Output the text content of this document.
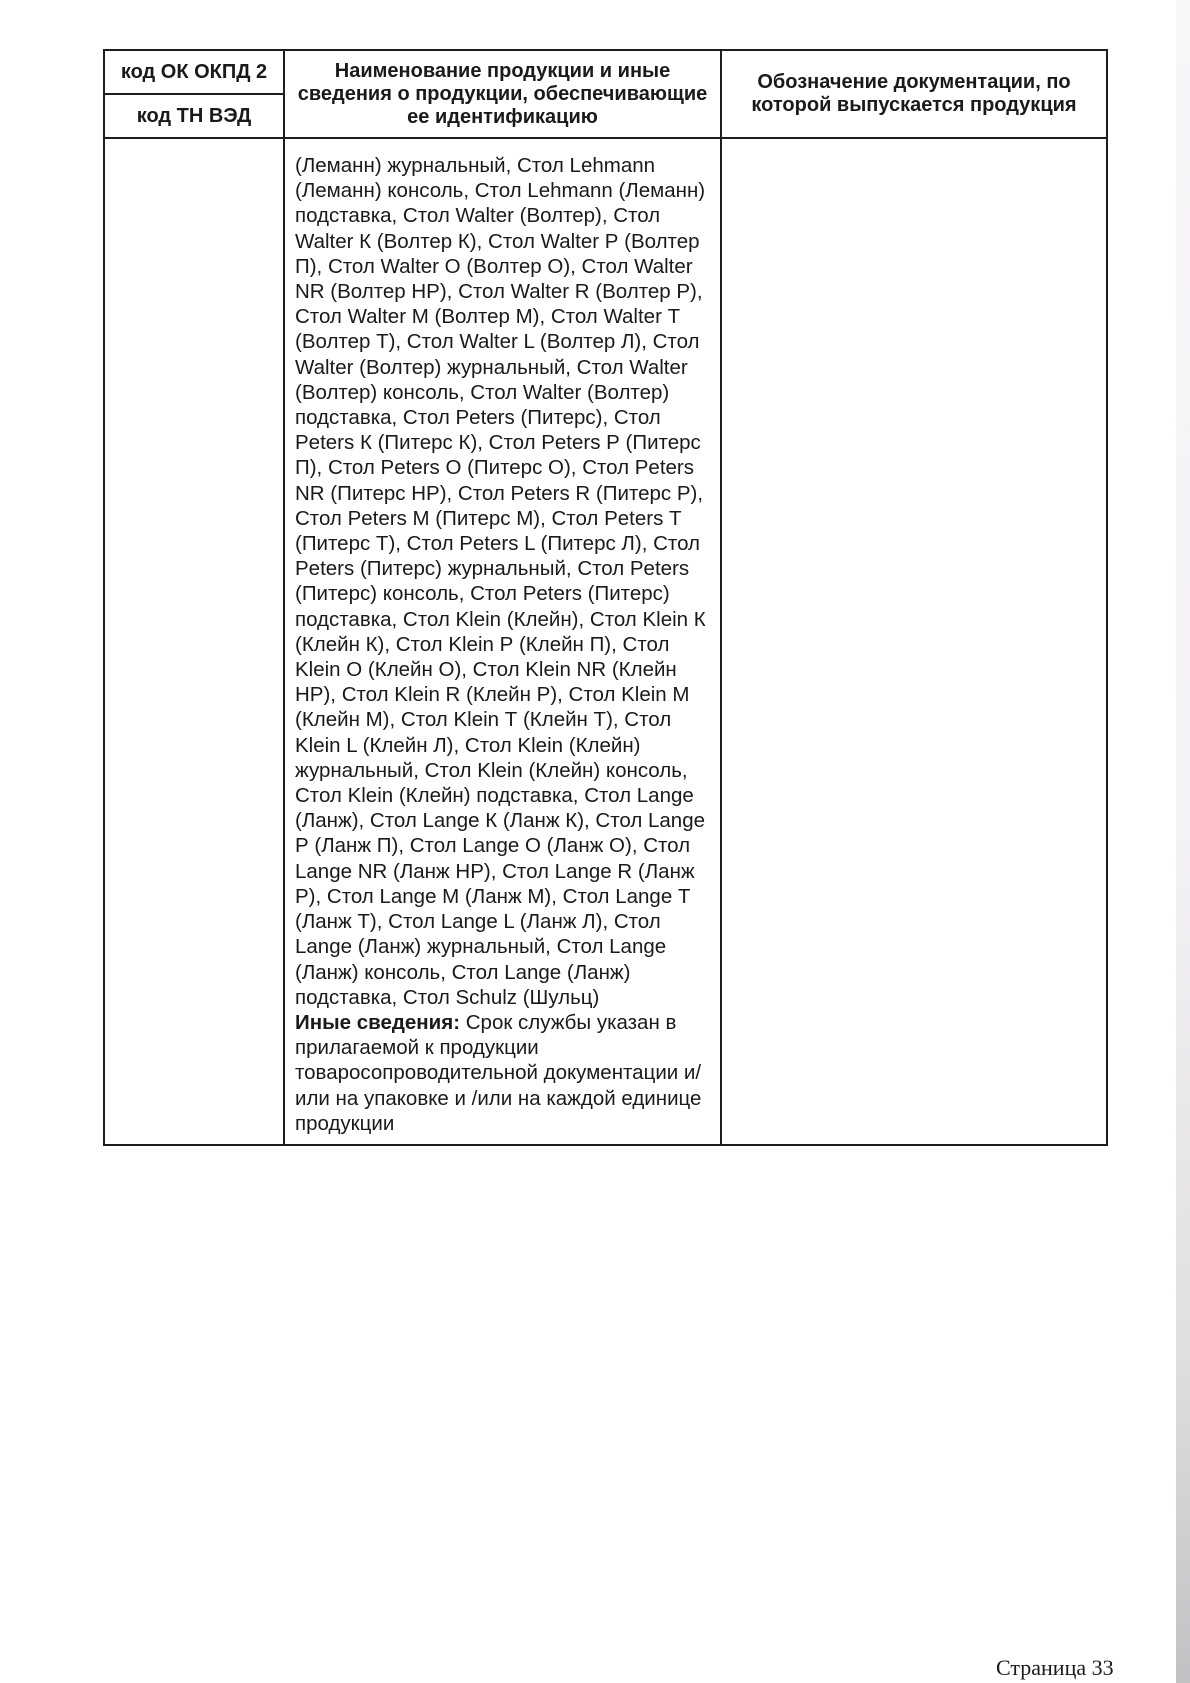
код ОК ОКПД 2	Наименование продукции и иные сведения о продукции, обеспечивающие ее идентификацию	Обозначение документации, по которой выпускается продукция
код ТН ВЭД		
	(Леманн) журнальный, Стол Lehmann (Леманн) консоль, Стол Lehmann (Леманн) подставка, Стол Walter (Волтер), Стол Walter К (Волтер К), Стол Walter Р (Волтер П), Стол Walter О (Волтер О), Стол Walter NR (Волтер НР), Стол Walter R (Волтер Р), Стол Walter М (Волтер М), Стол Walter Т (Волтер Т), Стол Walter L (Волтер Л), Стол Walter (Волтер) журнальный, Стол Walter (Волтер) консоль, Стол Walter (Волтер) подставка, Стол Peters (Питерс), Стол Peters К (Питерс К), Стол Peters Р (Питерс П), Стол Peters О (Питерс О), Стол Peters NR (Питерс НР), Стол Peters R (Питерс Р), Стол Peters М (Питерс М), Стол Peters Т (Питерс Т), Стол Peters L (Питерс Л), Стол Peters (Питерс) журнальный, Стол Peters (Питерс) консоль, Стол Peters (Питерс) подставка, Стол Klein (Клейн), Стол Klein К (Клейн К), Стол Klein Р (Клейн П), Стол Klein О (Клейн О), Стол Klein NR (Клейн НР), Стол Klein R (Клейн Р), Стол Klein М (Клейн М), Стол Klein Т (Клейн Т), Стол Klein L (Клейн Л), Стол Klein (Клейн) журнальный, Стол Klein (Клейн) консоль, Стол Klein (Клейн) подставка, Стол Lange (Ланж), Стол Lange К (Ланж К), Стол Lange Р (Ланж П), Стол Lange О (Ланж О), Стол Lange NR (Ланж НР), Стол Lange R (Ланж Р), Стол Lange М (Ланж М), Стол Lange Т (Ланж Т), Стол Lange L (Ланж Л), Стол Lange (Ланж) журнальный, Стол Lange (Ланж) консоль, Стол Lange (Ланж) подставка, Стол Schulz (Шульц)
Иные сведения: Срок службы указан в прилагаемой к продукции товаросопроводительной документации и/или на упаковке и /или на каждой единице продукции	
Страница 33
